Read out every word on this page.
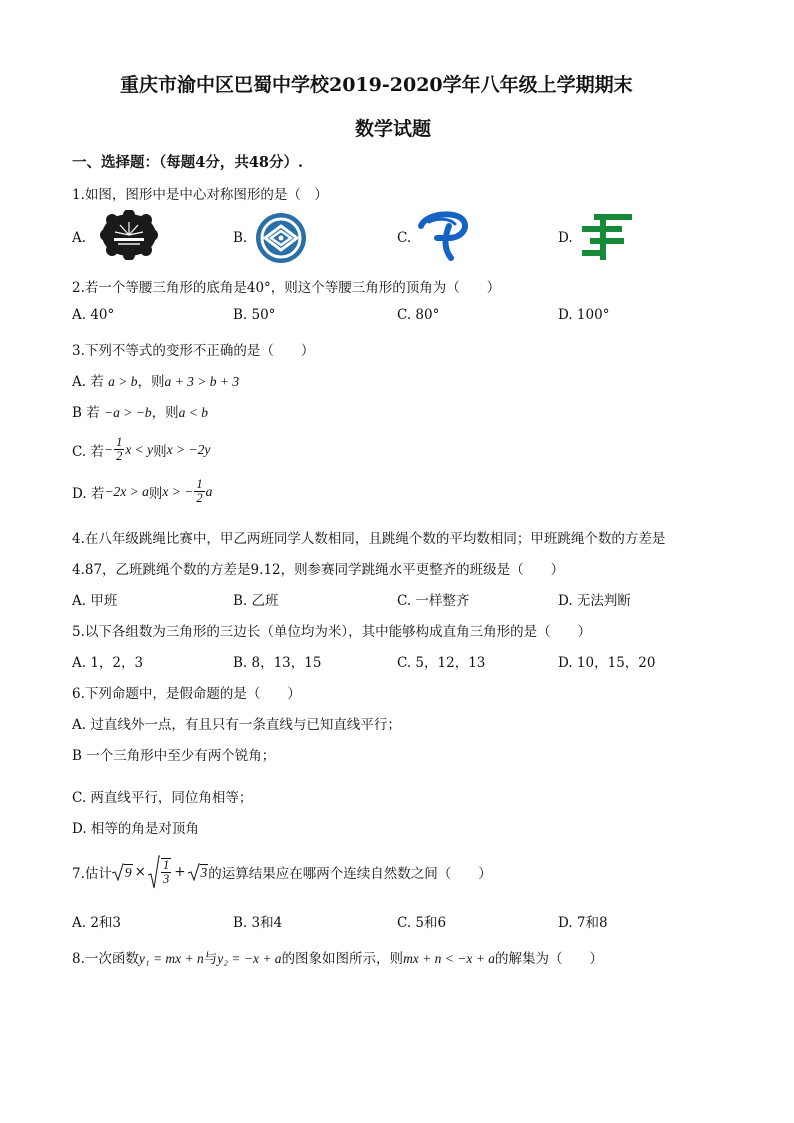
重庆市渝中区巴蜀中学校2019-2020学年八年级上学期期末
数学试题
一、选择题：（每题4分，共48分）.
1.如图，图形中是中心对称图形的是（　）
A.	B.	C.	D.
2.若一个等腰三角形的底角是40°，则这个等腰三角形的顶角为（　　）
A. 40°	B. 50°	C. 80°	D. 100°
3.下列不等式的变形不正确的是（　　）
A. 若 a > b，则a + 3 > b + 3
B 若 −a > −b，则a < b
C. 若 − $\frac{1}{2}$ x < y 则 x > −2y
D. 若 −2x > a 则 x > − $\frac{1}{2}$ a
4.在八年级跳绳比赛中，甲乙两班同学人数相同，且跳绳个数的平均数相同；甲班跳绳个数的方差是
4.87，乙班跳绳个数的方差是9.12，则参赛同学跳绳水平更整齐的班级是（　　）
A. 甲班	B. 乙班	C. 一样整齐	D. 无法判断
5.以下各组数为三角形的三边长（单位均为米），其中能够构成直角三角形的是（　　）
A. 1，2，3	B. 8，13，15	C. 5，12，13	D. 10，15，20
6.下列命题中，是假命题的是（　　）
A. 过直线外一点，有且只有一条直线与已知直线平行；
B 一个三角形中至少有两个锐角；
C. 两直线平行，同位角相等；
D. 相等的角是对顶角
7.估计 $9 \times \frac{1}{3} + 3$ 的运算结果应在哪两个连续自然数之间（　　）
A. 2和3	B. 3和4	C. 5和6	D. 7和8
8.一次函数y₁ = mx + n与y₂ = −x + a的图象如图所示，则mx + n < −x + a的解集为（　　）
